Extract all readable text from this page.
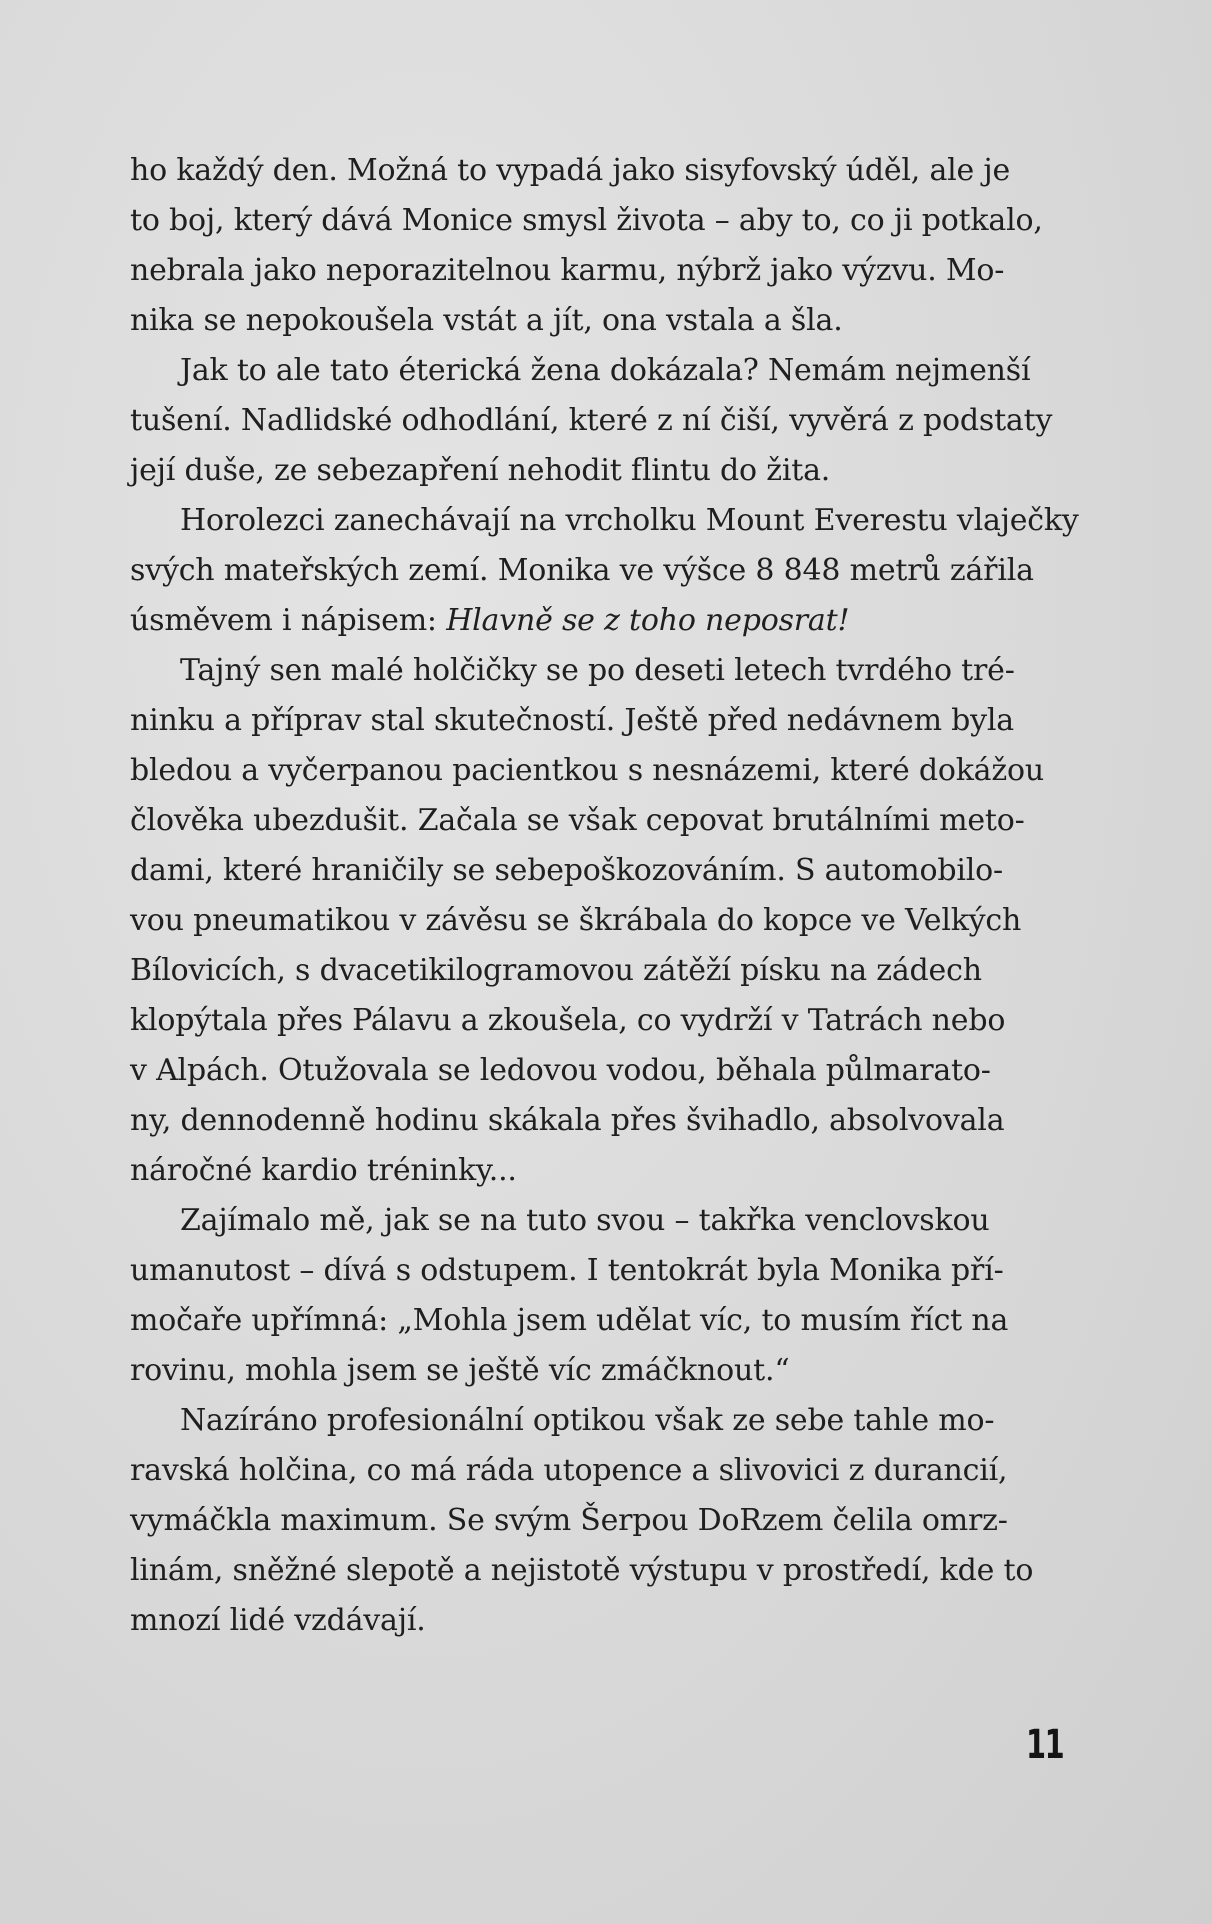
ho každý den. Možná to vypadá jako sisyfovský úděl, ale je
to boj, který dává Monice smysl života – aby to, co ji potkalo,
nebrala jako neporazitelnou karmu, nýbrž jako výzvu. Mo-
nika se nepokoušela vstát a jít, ona vstala a šla.
Jak to ale tato éterická žena dokázala? Nemám nejmenší
tušení. Nadlidské odhodlání, které z ní čiší, vyvěrá z podstaty
její duše, ze sebezapření nehodit flintu do žita.
Horolezci zanechávají na vrcholku Mount Everestu vlaječky
svých mateřských zemí. Monika ve výšce 8 848 metrů zářila
úsměvem i nápisem: Hlavně se z toho neposrat!
Tajný sen malé holčičky se po deseti letech tvrdého tré-
ninku a příprav stal skutečností. Ještě před nedávnem byla
bledou a vyčerpanou pacientkou s nesnázemi, které dokážou
člověka ubezdušit. Začala se však cepovat brutálními meto-
dami, které hraničily se sebepoškozováním. S automobilo-
vou pneumatikou v závěsu se škrábala do kopce ve Velkých
Bílovicích, s dvacetikilogramovou zátěží písku na zádech
klopýtala přes Pálavu a zkoušela, co vydrží v Tatrách nebo
v Alpách. Otužovala se ledovou vodou, běhala půlmarato-
ny, dennodenně hodinu skákala přes švihadlo, absolvovala
náročné kardio tréninky...
Zajímalo mě, jak se na tuto svou – takřka venclovskou
umanutost – dívá s odstupem. I tentokrát byla Monika pří-
močaře upřímná: „Mohla jsem udělat víc, to musím říct na
rovinu, mohla jsem se ještě víc zmáčknout.“
Nazíráno profesionální optikou však ze sebe tahle mo-
ravská holčina, co má ráda utopence a slivovici z durancií,
vymáčkla maximum. Se svým Šerpou DoRzem čelila omrz-
linám, sněžné slepotě a nejistotě výstupu v prostředí, kde to
mnozí lidé vzdávají.
11
